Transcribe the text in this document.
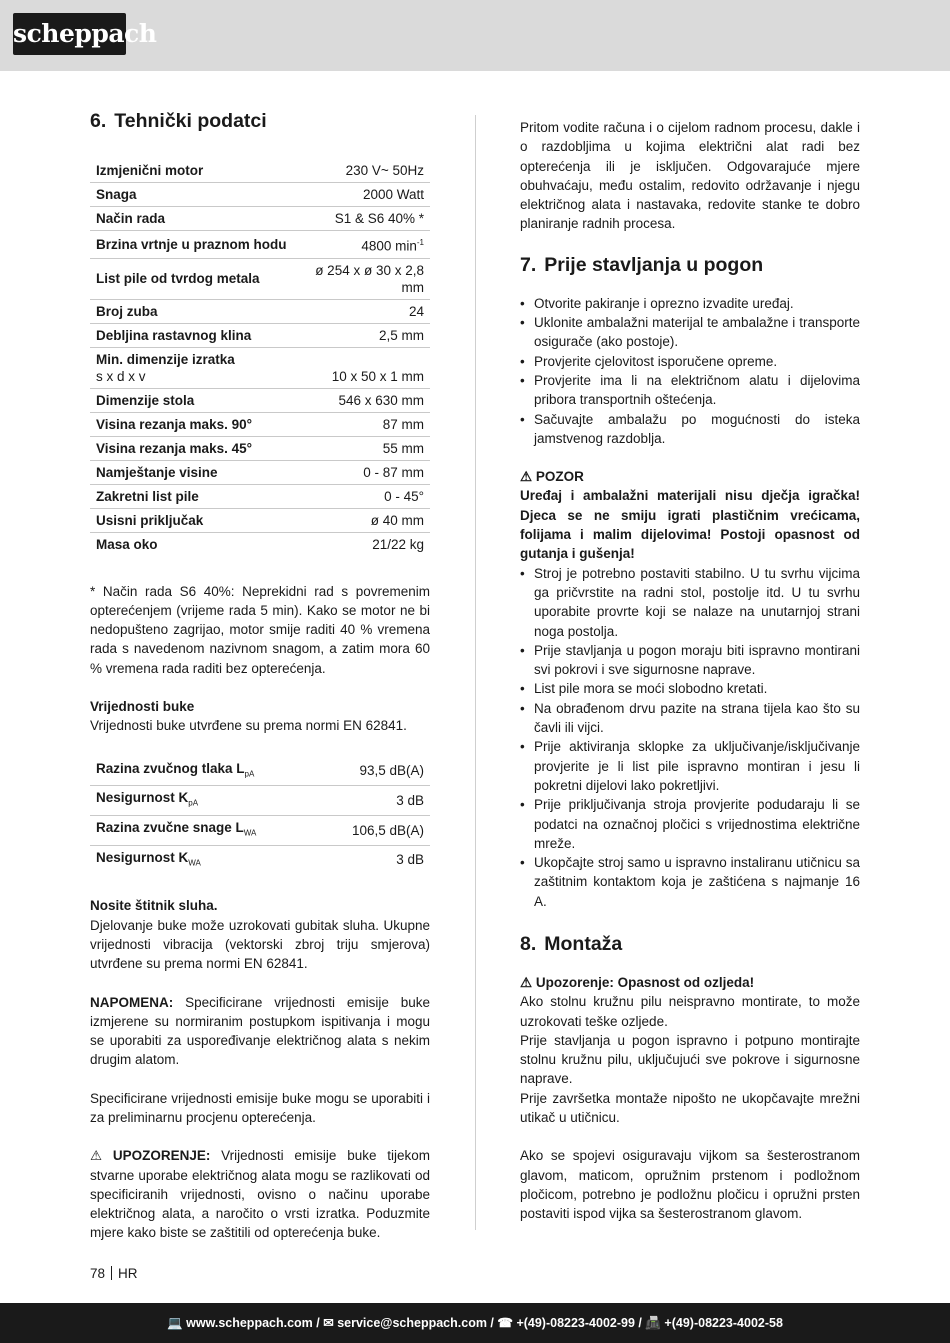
scheppach
6. Tehnički podatci
Izmjenični motor	230 V~ 50Hz
Snaga	2000 Watt
Način rada	S1 & S6 40% *
Brzina vrtnje u praznom hodu	4800 $\min^{-1}$
List pile od tvrdog metala	ø 254 x ø 30 x 2,8 mm
Broj zuba	24
Debljina rastavnog klina	2,5 mm
Min. dimenzije izratka
s x d x v	10 x 50 x 1 mm
Dimenzije stola	546 x 630 mm
Visina rezanja maks. 90°	87 mm
Visina rezanja maks. 45°	55 mm
Namještanje visine	0 - 87 mm
Zakretni list pile	0 - 45°
Usisni priključak	ø 40 mm
Masa oko	21/22 kg

* Način rada S6 40%: Neprekidni rad s povremenim opterećenjem (vrijeme rada 5 min). Kako se motor ne bi nedopušteno zagrijao, motor smije raditi 40 % vremena rada s navedenom nazivnom snagom, a zatim mora 60 % vremena rada raditi bez opterećenja.

Vrijednosti buke

Vrijednosti buke utvrđene su prema normi EN 62841.

Razina zvučnog tlaka $L_{pA}$	93,5 dB(A)
Nesigurnost $K_{pA}$	3 dB
Razina zvučne snage $L_{WA}$	106,5 dB(A)
Nesigurnost $K_{WA}$	3 dB

Nosite štitnik sluha.

Djelovanje buke može uzrokovati gubitak sluha. Ukupne vrijednosti vibracija (vektorski zbroj triju smjerova) utvrđene su prema normi EN 62841.

NAPOMENA: Specificirane vrijednosti emisije buke izmjerene su normiranim postupkom ispitivanja i mogu se uporabiti za uspoređivanje električnog alata s nekim drugim alatom.

Specificirane vrijednosti emisije buke mogu se uporabiti i za preliminarnu procjenu opterećenja.

⚠ UPOZORENJE: Vrijednosti emisije buke tijekom stvarne uporabe električnog alata mogu se razlikovati od specificiranih vrijednosti, ovisno o načinu uporabe električnog alata, a naročito o vrsti izratka. Poduzmite mjere kako biste se zaštitili od opterećenja buke.

Pritom vodite računa i o cijelom radnom procesu, dakle i o razdobljima u kojima električni alat radi bez opterećenja ili je isključen. Odgovarajuće mjere obuhvaćaju, među ostalim, redovito održavanje i njegu električnog alata i nastavaka, redovite stanke te dobro planiranje radnih procesa.

7. Prije stavljanja u pogon
• Otvorite pakiranje i oprezno izvadite uređaj.
• Uklonite ambalažni materijal te ambalažne i transporte osigurače (ako postoje).
• Provjerite cjelovitost isporučene opreme.
• Provjerite ima li na električnom alatu i dijelovima pribora transportnih oštećenja.
• Sačuvajte ambalažu po mogućnosti do isteka jamstvenog razdoblja.

⚠ POZOR

Uređaj i ambalažni materijali nisu dječja igračka! Djeca se ne smiju igrati plastičnim vrećicama, folijama i malim dijelovima! Postoji opasnost od gutanja i gušenja!

• Stroj je potrebno postaviti stabilno. U tu svrhu vijcima ga pričvrstite na radni stol, postolje itd. U tu svrhu uporabite provrte koji se nalaze na unutarnjoj strani noga postolja.
• Prije stavljanja u pogon moraju biti ispravno montirani svi pokrovi i sve sigurnosne naprave.
• List pile mora se moći slobodno kretati.
• Na obrađenom drvu pazite na strana tijela kao što su čavli ili vijci.
• Prije aktiviranja sklopke za uključivanje/isključivanje provjerite je li list pile ispravno montiran i jesu li pokretni dijelovi lako pokretljivi.
• Prije priključivanja stroja provjerite podudaraju li se podatci na označnoj pločici s vrijednostima električne mreže.
• Ukopčajte stroj samo u ispravno instaliranu utičnicu sa zaštitnim kontaktom koja je zaštićena s najmanje 16 A.
8. Montaža

⚠ Upozorenje: Opasnost od ozljeda!

Ako stolnu kružnu pilu neispravno montirate, to može uzrokovati teške ozljede.

Prije stavljanja u pogon ispravno i potpuno montirajte stolnu kružnu pilu, uključujući sve pokrove i sigurnosne naprave.

Prije završetka montaže nipošto ne ukopčavajte mrežni utikač u utičnicu.

Ako se spojevi osiguravaju vijkom sa šesterostranom glavom, maticom, opružnim prstenom i podložnom pločicom, potrebno je podložnu pločicu i opružni prsten postaviti ispod vijka sa šesterostranom glavom.

78 HR
💻 www.scheppach.com / ✉ service@scheppach.com / ☎ +(49)-08223-4002-99 / 📠 +(49)-08223-4002-58
